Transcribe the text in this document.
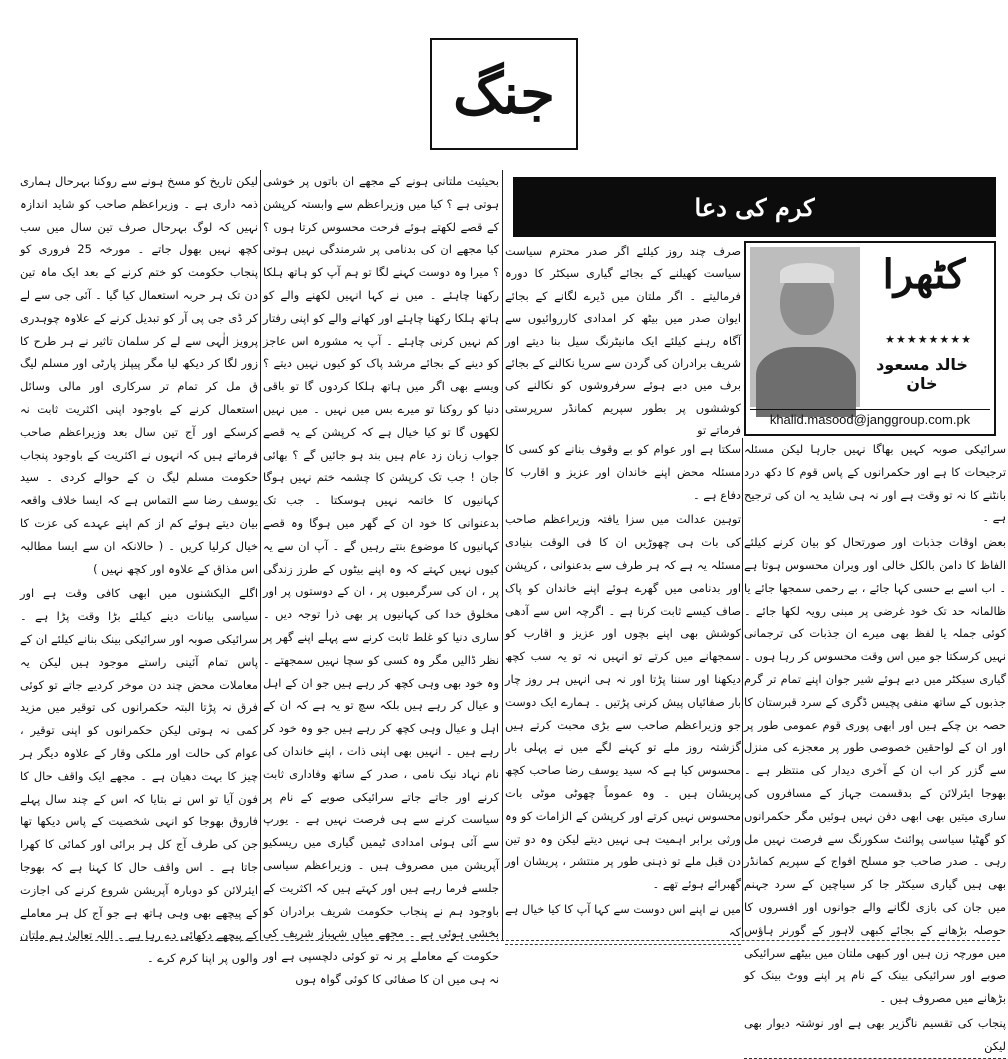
جنگ
کرم کی دعا
صرف چند روز کیلئے اگر صدر محترم سیاست سیاست کھیلنے کے بجائے گیاری سیکٹر کا دورہ فرمالیتے ۔ اگر ملتان میں ڈیرے لگانے کے بجائے ایوان صدر میں بیٹھ کر امدادی کارروائیوں سے آگاہ رہنے کیلئے ایک مانیٹرنگ سیل بنا دیتے اور شریف برادران کی گردن سے سریا نکالنے کے بجائے برف میں دبے ہوئے سرفروشوں کو نکالنے کی کوششوں پر بطور سپریم کمانڈر سرپرستی فرماتے تو
کٹھرا
★★★★★★★★
خالد مسعود خان
khalid.masood@janggroup.com.pk

سرائیکی صوبہ کہیں بھاگا نہیں جارہا لیکن مسئلہ ترجیحات کا ہے اور حکمرانوں کے پاس قوم کا دکھ درد بانٹنے کا نہ تو وقت ہے اور نہ ہی شاید یہ ان کی ترجیح ہے ۔

بعض اوقات جذبات اور صورتحال کو بیان کرنے کیلئے الفاظ کا دامن بالکل خالی اور ویران محسوس ہوتا ہے ۔ اب اسے بے حسی کہا جائے ، بے رحمی سمجھا جائے یا ظالمانہ حد تک خود غرضی پر مبنی رویہ لکھا جائے ۔ کوئی جملہ یا لفظ بھی میرے ان جذبات کی ترجمانی نہیں کرسکتا جو میں اس وقت محسوس کر رہا ہوں ۔ گیاری سیکٹر میں دبے ہوئے شیر جوان اپنے تمام تر گرم جذبوں کے ساتھ منفی پچیس ڈگری کے سرد قبرستان کا حصہ بن چکے ہیں اور ابھی پوری قوم عمومی طور پر اور ان کے لواحقین خصوصی طور پر معجزے کی منزل سے گزر کر اب ان کے آخری دیدار کی منتظر ہے ۔ بھوجا ایئرلائن کے بدقسمت جہاز کے مسافروں کی ساری میتیں بھی ابھی دفن نہیں ہوئیں مگر حکمرانوں کو گھٹیا سیاسی پوائنٹ سکورنگ سے فرصت نہیں مل رہی ۔ صدر صاحب جو مسلح افواج کے سپریم کمانڈر بھی ہیں گیاری سیکٹر جا کر سیاچین کے سرد جہنم میں جان کی بازی لگانے والے جوانوں اور افسروں کا حوصلہ بڑھانے کے بجائے کبھی لاہور کے گورنر ہاؤس میں مورچہ زن ہیں اور کبھی ملتان میں بیٹھے سرائیکی صوبے اور سرائیکی بینک کے نام پر اپنے ووٹ بینک کو بڑھانے میں مصروف ہیں ۔

پنجاب کی تقسیم ناگزیر بھی ہے اور نوشتہ دیوار بھی لیکن

سکتا ہے اور عوام کو بے وقوف بنانے کو کسی کا مسئلہ محض اپنے خاندان اور عزیز و اقارب کا دفاع ہے ۔

توہین عدالت میں سزا یافتہ وزیراعظم صاحب کی بات ہی چھوڑیں ان کا فی الوقت بنیادی مسئلہ یہ ہے کہ ہر طرف سے بدعنوانی ، کرپشن اور بدنامی میں گھرے ہوئے اپنے خاندان کو پاک صاف کیسے ثابت کرنا ہے ۔ اگرچہ اس سے آدھی کوشش بھی اپنے بچوں اور عزیز و اقارب کو سمجھانے میں کرتے تو انہیں نہ تو یہ سب کچھ دیکھنا اور سننا پڑتا اور نہ ہی انہیں ہر روز چار بار صفائیاں پیش کرنی پڑتیں ۔ ہمارے ایک دوست جو وزیراعظم صاحب سے بڑی محبت کرتے ہیں گزشتہ روز ملے تو کہنے لگے میں نے پہلی بار محسوس کیا ہے کہ سید یوسف رضا صاحب کچھ پریشان ہیں ۔ وہ عموماً چھوٹی موٹی بات محسوس نہیں کرتے اور کرپشن کے الزامات کو وہ ورثی برابر اہمیت ہی نہیں دیتے لیکن وہ دو تین دن قبل ملے تو ذہنی طور پر منتشر ، پریشان اور گھبرائے ہوئے تھے ۔

میں نے اپنے اس دوست سے کہا آپ کا کیا خیال ہے کہ

بحیثیت ملتانی ہونے کے مجھے ان باتوں پر خوشی ہوتی ہے ؟ کیا میں وزیراعظم سے وابستہ کرپشن کے قصے لکھتے ہوئے فرحت محسوس کرتا ہوں ؟ کیا مجھے ان کی بدنامی پر شرمندگی نہیں ہوتی ؟ میرا وہ دوست کہنے لگا تو ہم آپ کو ہاتھ ہلکا رکھنا چاہئے ۔ میں نے کہا انہیں لکھنے والے کو ہاتھ ہلکا رکھنا چاہئے اور کھانے والے کو اپنی رفتار کم نہیں کرنی چاہئے ۔ آپ یہ مشورہ اس عاجز کو دینے کے بجائے مرشد پاک کو کیوں نہیں دیتے ؟ ویسے بھی اگر میں ہاتھ ہلکا کردوں گا تو باقی دنیا کو روکنا تو میرے بس میں نہیں ۔ میں نہیں لکھوں گا تو کیا خیال ہے کہ کرپشن کے یہ قصے جواب زبان زد عام ہیں بند ہو جائیں گے ؟ بھائی جان ! جب تک کرپشن کا چشمہ ختم نہیں ہوگا کہانیوں کا خاتمہ نہیں ہوسکتا ۔ جب تک بدعنوانی کا خود ان کے گھر میں ہوگا وہ قصے کہانیوں کا موضوع بنتے رہیں گے ۔ آپ ان سے یہ کیوں نہیں کہتے کہ وہ اپنے بیٹوں کے طرز زندگی پر ، ان کی سرگرمیوں پر ، ان کے دوستوں پر اور مخلوق خدا کی کہانیوں پر بھی ذرا توجہ دیں ۔ ساری دنیا کو غلط ثابت کرنے سے پہلے اپنے گھر پر نظر ڈالیں مگر وہ کسی کو سچا نہیں سمجھتے ۔ وہ خود بھی وہی کچھ کر رہے ہیں جو ان کے اہل و عیال کر رہے ہیں بلکہ سچ تو یہ ہے کہ ان کے اہل و عیال وہی کچھ کر رہے ہیں جو وہ خود کر رہے ہیں ۔ انہیں بھی اپنی ذات ، اپنے خاندان کی نام نہاد نیک نامی ، صدر کے ساتھ وفاداری ثابت کرنے اور جاتے جاتے سرائیکی صوبے کے نام پر سیاست کرنے سے ہی فرصت نہیں ہے ۔ یورپ سے آئی ہوئی امدادی ٹیمیں گیاری میں ریسکیو آپریشن میں مصروف ہیں ۔ وزیراعظم سیاسی جلسے فرما رہے ہیں اور کہتے ہیں کہ اکثریت کے باوجود ہم نے پنجاب حکومت شریف برادران کو بخشی ہوئی ہے ۔ مجھے میاں شہباز شریف کی حکومت کے معاملے پر نہ تو کوئی دلچسپی ہے اور نہ ہی میں ان کا صفائی کا کوئی گواہ ہوں

لیکن تاریخ کو مسخ ہونے سے روکنا بہرحال ہماری ذمہ داری ہے ۔ وزیراعظم صاحب کو شاید اندازہ نہیں کہ لوگ بہرحال صرف تین سال میں سب کچھ نہیں بھول جاتے ۔ مورخہ 25 فروری کو پنجاب حکومت کو ختم کرنے کے بعد ایک ماہ تین دن تک ہر حربہ استعمال کیا گیا ۔ آئی جی سے لے کر ڈی جی پی آر کو تبدیل کرنے کے علاوہ چوہدری پرویز الٰہی سے لے کر سلمان تاثیر نے ہر طرح کا زور لگا کر دیکھ لیا مگر پیپلز پارٹی اور مسلم لیگ ق مل کر تمام تر سرکاری اور مالی وسائل استعمال کرنے کے باوجود اپنی اکثریت ثابت نہ کرسکے اور آج تین سال بعد وزیراعظم صاحب فرماتے ہیں کہ انہوں نے اکثریت کے باوجود پنجاب حکومت مسلم لیگ ن کے حوالے کردی ۔ سید یوسف رضا سے التماس ہے کہ ایسا خلاف واقعہ بیان دیتے ہوئے کم از کم اپنے عہدے کی عزت کا خیال کرلیا کریں ۔ ( حالانکہ ان سے ایسا مطالبہ اس مذاق کے علاوہ اور کچھ نہیں )

اگلے الیکشنوں میں ابھی کافی وقت ہے اور سیاسی بیانات دینے کیلئے بڑا وقت پڑا ہے ۔ سرائیکی صوبہ اور سرائیکی بینک بنانے کیلئے ان کے پاس تمام آئینی راستے موجود ہیں لیکن یہ معاملات محض چند دن موخر کردیے جاتے تو کوئی فرق نہ پڑتا البتہ حکمرانوں کی توقیر میں مزید کمی نہ ہوتی لیکن حکمرانوں کو اپنی توقیر ، عوام کی حالت اور ملکی وقار کے علاوہ دیگر ہر چیز کا بہت دھیان ہے ۔ مجھے ایک واقف حال کا فون آیا تو اس نے بتایا کہ اس کے چند سال پہلے فاروق بھوجا کو انہی شخصیت کے پاس دیکھا تھا جن کی طرف آج کل ہر برائی اور کمائی کا کھرا جاتا ہے ۔ اس واقف حال کا کہنا ہے کہ بھوجا ایئرلائن کو دوبارہ آپریشن شروع کرنے کی اجازت کے پیچھے بھی وہی ہاتھ ہے جو آج کل ہر معاملے کے پیچھے دکھائی دے رہا ہے ۔ اللہ تعالیٰ ہم ملتان والوں پر اپنا کرم کرے ۔
